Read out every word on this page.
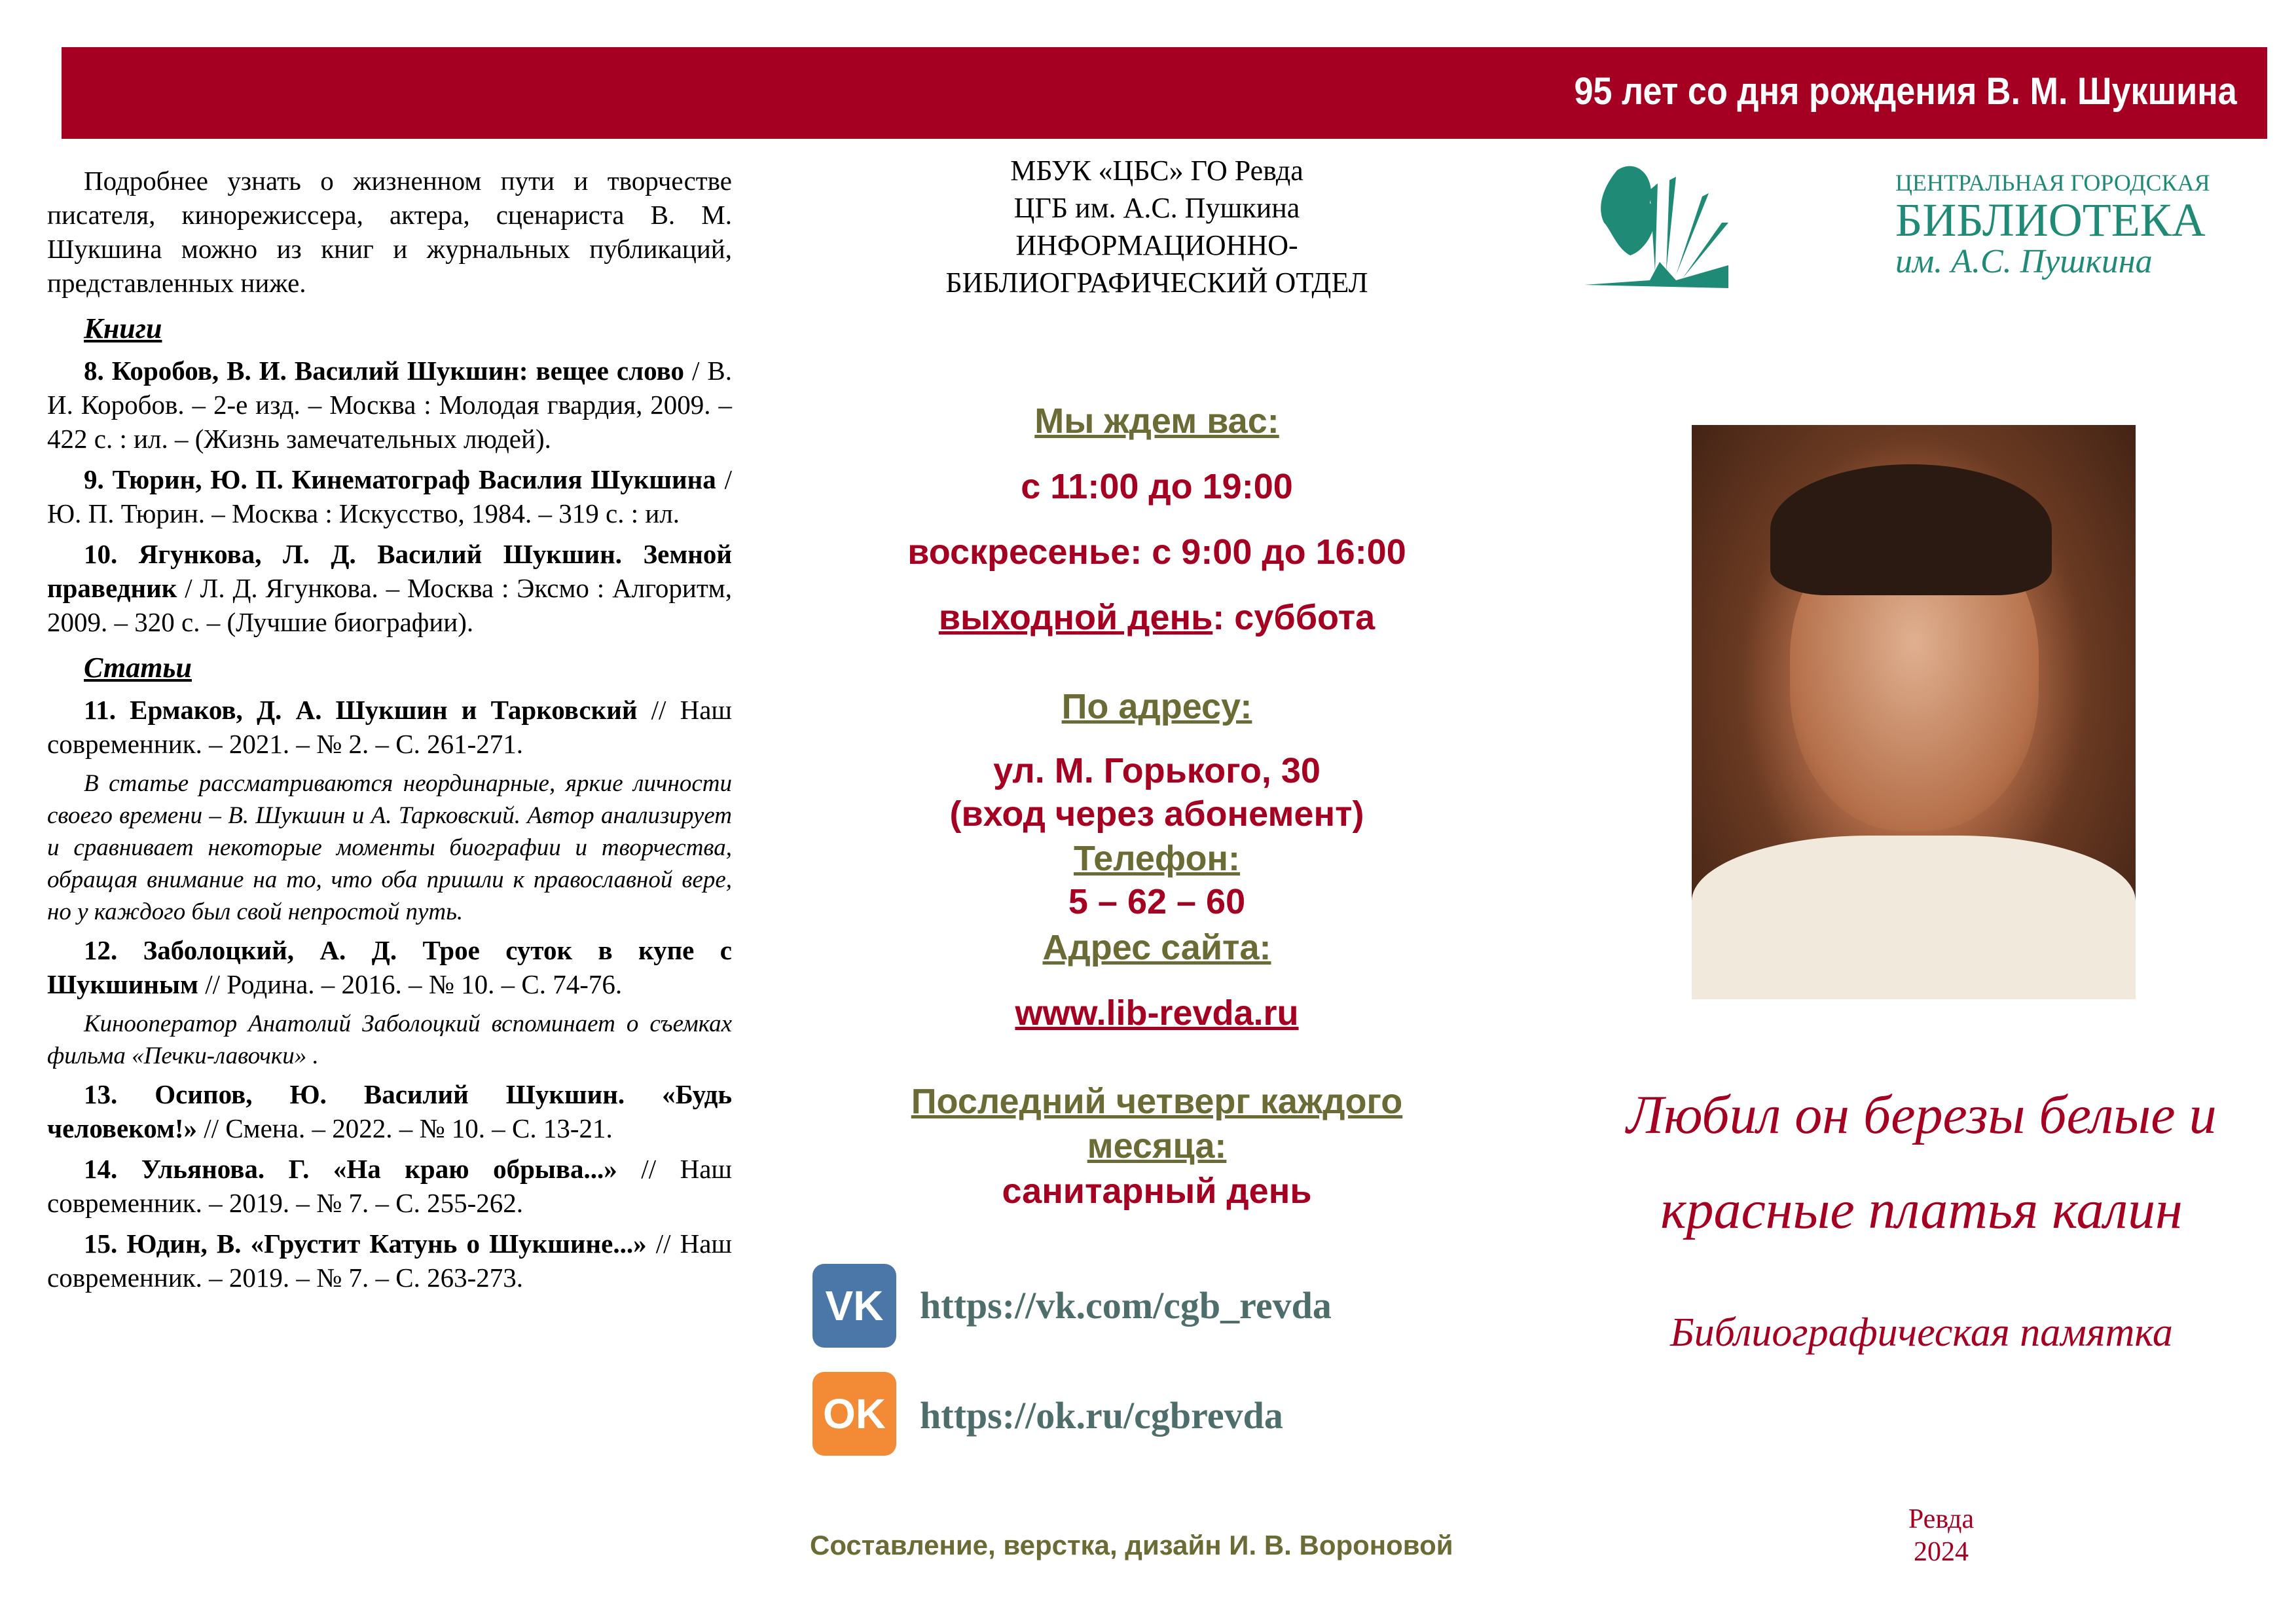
95 лет со дня рождения В. М. Шукшина

Подробнее узнать о жизненном пути и творчестве писателя, кинорежиссера, актера, сценариста В. М. Шукшина можно из книг и журнальных публикаций, представленных ниже.

Книги

8. Коробов, В. И. Василий Шукшин: вещее слово / В. И. Коробов. – 2-е изд. – Москва : Молодая гвардия, 2009. – 422 с. : ил. – (Жизнь замечательных людей).

9. Тюрин, Ю. П. Кинематограф Василия Шукшина / Ю. П. Тюрин. – Москва : Искусство, 1984. – 319 с. : ил.

10. Ягункова, Л. Д. Василий Шукшин. Земной праведник / Л. Д. Ягункова. – Москва : Эксмо : Алгоритм, 2009. – 320 с. – (Лучшие биографии).

Статьи

11. Ермаков, Д. А. Шукшин и Тарковский // Наш современник. – 2021. – № 2. – С. 261-271.

В статье рассматриваются неординарные, яркие личности своего времени – В. Шукшин и А. Тарковский. Автор анализирует и сравнивает некоторые моменты биографии и творчества, обращая внимание на то, что оба пришли к православной вере, но у каждого был свой непростой путь.

12. Заболоцкий, А. Д. Трое суток в купе с Шукшиным // Родина. – 2016. – № 10. – С. 74-76.

Кинооператор Анатолий Заболоцкий вспоминает о съемках фильма «Печки-лавочки» .

13. Осипов, Ю. Василий Шукшин. «Будь человеком!» // Смена. – 2022. – № 10. – С. 13-21.

14. Ульянова. Г. «На краю обрыва...» // Наш современник. – 2019. – № 7. – С. 255-262.

15. Юдин, В. «Грустит Катунь о Шукшине...» // Наш современник. – 2019. – № 7. – С. 263-273.

МБУК «ЦБС» ГО Ревда
ЦГБ им. А.С. Пушкина
ИНФОРМАЦИОННО-
БИБЛИОГРАФИЧЕСКИЙ ОТДЕЛ
Мы ждем вас:
с 11:00 до 19:00
воскресенье: с 9:00 до 16:00
выходной день: суббота
По адресу:
ул. М. Горького, 30
(вход через абонемент)
Телефон:
5 – 62 – 60
Адрес сайта:
www.lib-revda.ru
Последний четверг каждого месяца:
санитарный день
VK https://vk.com/cgb_revda
OK https://ok.ru/cgbrevda
Составление, верстка, дизайн И. В. Вороновой
ЦЕНТРАЛЬНАЯ ГОРОДСКАЯ
БИБЛИОТЕКА
им. А.С. Пушкина
Любил он березы белые и
красные платья калин
Библиографическая памятка
Ревда
2024
